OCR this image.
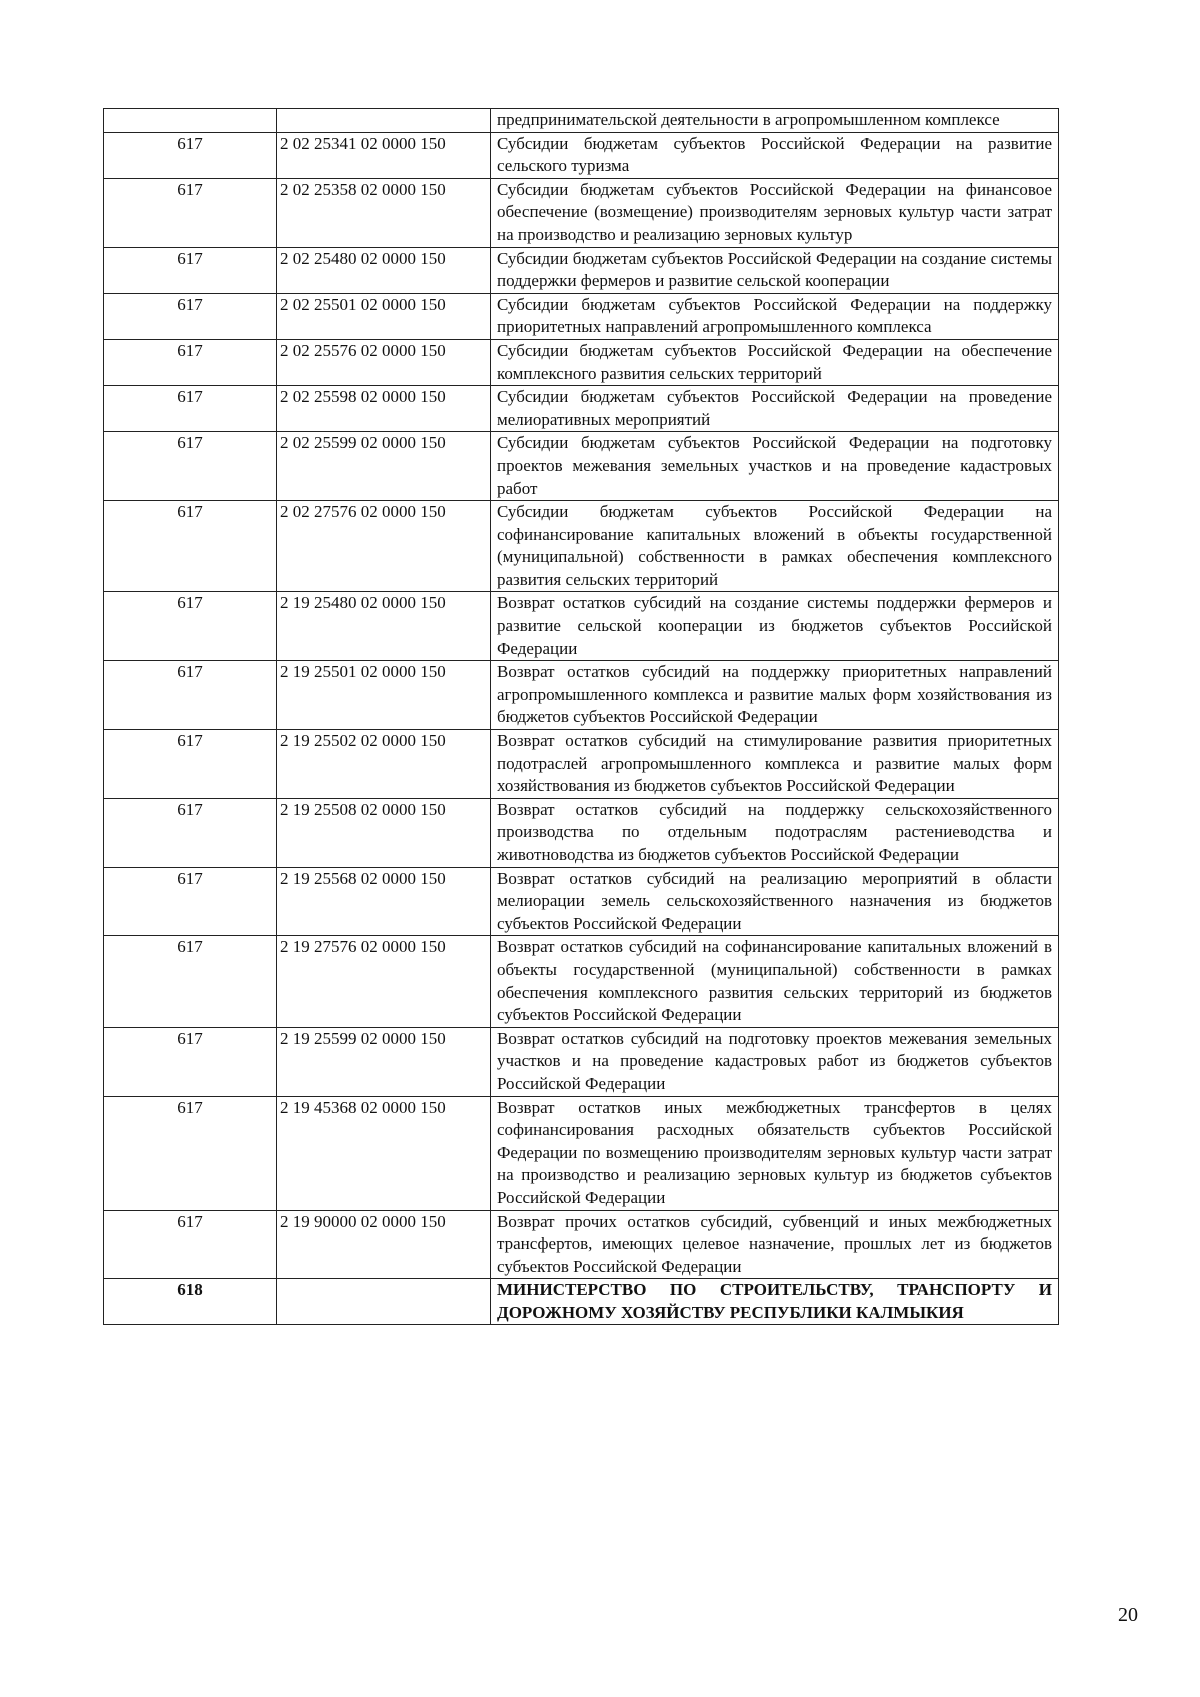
		предпринимательской деятельности в агропромышленном комплексе
617	2 02 25341 02 0000 150	Субсидии бюджетам субъектов Российской Федерации на развитие сельского туризма
617	2 02 25358 02 0000 150	Субсидии бюджетам субъектов Российской Федерации на финансовое обеспечение (возмещение) производителям зерновых культур части затрат на производство и реализацию зерновых культур
617	2 02 25480 02 0000 150	Субсидии бюджетам субъектов Российской Федерации на создание системы поддержки фермеров и развитие сельской кооперации
617	2 02 25501 02 0000 150	Субсидии бюджетам субъектов Российской Федерации на поддержку приоритетных направлений агропромышленного комплекса
617	2 02 25576 02 0000 150	Субсидии бюджетам субъектов Российской Федерации на обеспечение комплексного развития сельских территорий
617	2 02 25598 02 0000 150	Субсидии бюджетам субъектов Российской Федерации на проведение мелиоративных мероприятий
617	2 02 25599 02 0000 150	Субсидии бюджетам субъектов Российской Федерации на подготовку проектов межевания земельных участков и на проведение кадастровых работ
617	2 02 27576 02 0000 150	Субсидии бюджетам субъектов Российской Федерации на софинансирование капитальных вложений в объекты государственной (муниципальной) собственности в рамках обеспечения комплексного развития сельских территорий
617	2 19 25480 02 0000 150	Возврат остатков субсидий на создание системы поддержки фермеров и развитие сельской кооперации из бюджетов субъектов Российской Федерации
617	2 19 25501 02 0000 150	Возврат остатков субсидий на поддержку приоритетных направлений агропромышленного комплекса и развитие малых форм хозяйствования из бюджетов субъектов Российской Федерации
617	2 19 25502 02 0000 150	Возврат остатков субсидий на стимулирование развития приоритетных подотраслей агропромышленного комплекса и развитие малых форм хозяйствования из бюджетов субъектов Российской Федерации
617	2 19 25508 02 0000 150	Возврат остатков субсидий на поддержку сельскохозяйственного производства по отдельным подотраслям растениеводства и животноводства из бюджетов субъектов Российской Федерации
617	2 19 25568 02 0000 150	Возврат остатков субсидий на реализацию мероприятий в области мелиорации земель сельскохозяйственного назначения из бюджетов субъектов Российской Федерации
617	2 19 27576 02 0000 150	Возврат остатков субсидий на софинансирование капитальных вложений в объекты государственной (муниципальной) собственности в рамках обеспечения комплексного развития сельских территорий из бюджетов субъектов Российской Федерации
617	2 19 25599 02 0000 150	Возврат остатков субсидий на подготовку проектов межевания земельных участков и на проведение кадастровых работ из бюджетов субъектов Российской Федерации
617	2 19 45368 02 0000 150	Возврат остатков иных межбюджетных трансфертов в целях софинансирования расходных обязательств субъектов Российской Федерации по возмещению производителям зерновых культур части затрат на производство и реализацию зерновых культур из бюджетов субъектов Российской Федерации
617	2 19 90000 02 0000 150	Возврат прочих остатков субсидий, субвенций и иных межбюджетных трансфертов, имеющих целевое назначение, прошлых лет из бюджетов субъектов Российской Федерации
618		МИНИСТЕРСТВО ПО СТРОИТЕЛЬСТВУ, ТРАНСПОРТУ И ДОРОЖНОМУ ХОЗЯЙСТВУ РЕСПУБЛИКИ КАЛМЫКИЯ
20
